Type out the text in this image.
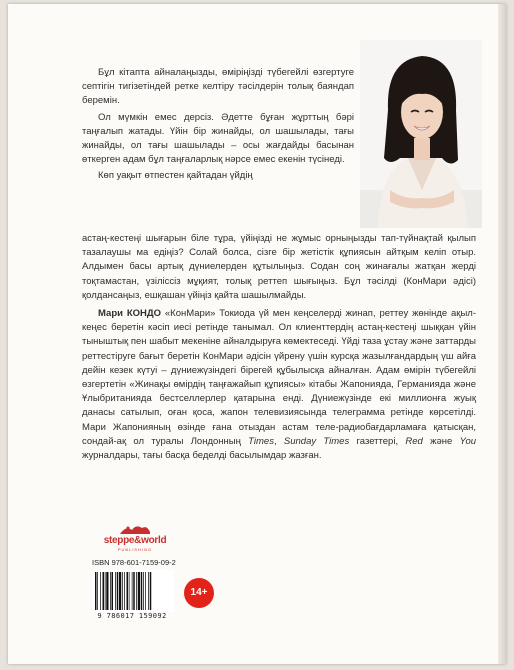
Бұл кітапта айналаңызды, өміріңізді түбегейлі өзгертуге септігін тигізетіндей ретке келтіру тәсілдерін толық баяндап беремін.

Ол мүмкін емес дерсіз. Әдетте бұған жұрттың бәрі таңғалып жатады. Үйін бір жинайды, ол шашылады, тағы жинайды, ол тағы шашылады – осы жағдайды басынан өткерген адам бұл таңғаларлық нәрсе емес екенін түсінеді.

Көп уақыт өтпестен қайтадан үйдің

астаң-кестеңі шығарын біле тұра, үйіңізді не жұмыс орныңызды тап-түйнақтай қылып тазалаушы ма едіңіз? Солай болса, сізге бір жетістік құпиясын айтқым келіп отыр. Алдымен басы артық дүниелерден құтылыңыз. Содан соң жинағалы жатқан жерді тоқтамастан, үзіліссіз мұқият, толық реттеп шығыңыз. Бұл тәсілді (КонМари әдісі) қолдансаңыз, ешқашан үйіңіз қайта шашылмайды.

Мари КОНДО «КонМари» Токиода үй мен кеңселерді жинап, реттеу жөнінде ақыл-кеңес беретін кәсіп иесі ретінде танымал. Ол клиенттердің астаң-кестеңі шыққан үйін тыныштық пен шабыт мекеніне айналдыруға көмектеседі. Үйді таза ұстау және заттарды реттестіруге бағыт беретін КонМари әдісін үйрену үшін курсқа жазылғандардың үш айға дейін кезек күтуі – дүниежүзіндегі бірегей құбылысқа айналған. Адам өмірін түбегейлі өзгертетін «Жинақы өмірдің таңғажайып құпиясы» кітабы Жапонияда, Германияда және Ұлыбританияда бестселлерлер қатарына енді. Дүниежүзінде екі миллионға жуық данасы сатылып, оған қоса, жапон телевизиясында телеграмма ретінде көрсетілді. Мари Жапонияның өзінде ғана отыздан астам теле-радиобағдарламаға қатысқан, сондай-ақ ол туралы Лондонның Times, Sunday Times газеттері, Red және You журналдары, тағы басқа беделді басылымдар жазған.

steppe&world
PUBLISHING
ISBN 978-601-7159-09-2
9 786017 159092
14+
